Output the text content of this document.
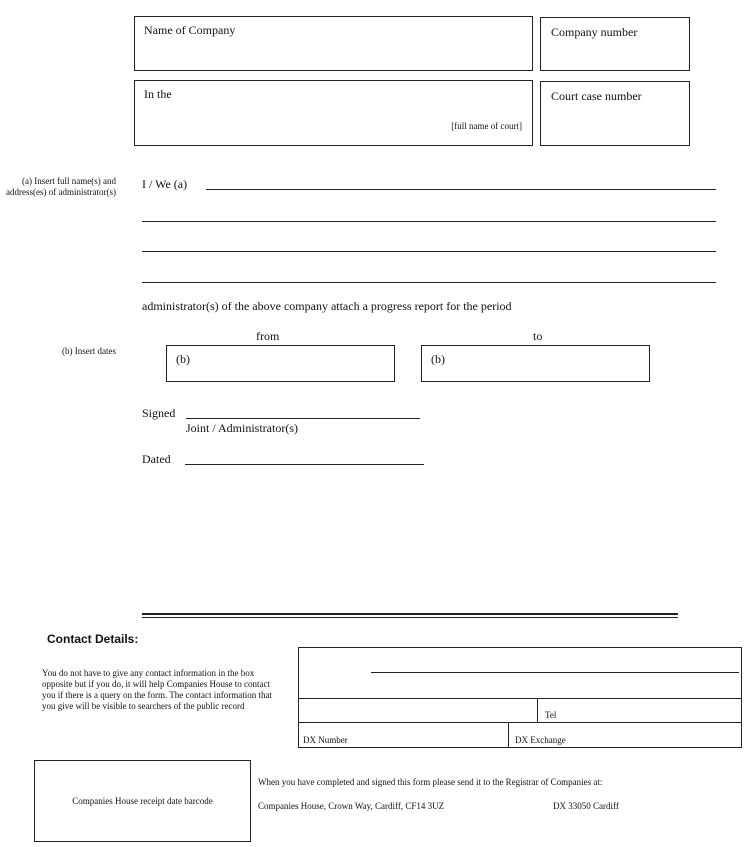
Name of Company	Company number
In the
[full name of court]
Court case number
(a) Insert full name(s) and address(es) of administrator(s)
I / We (a)
administrator(s) of the above company attach a progress report for the period
(b) Insert dates
from	to
(b)	(b)
Signed
Joint / Administrator(s)
Dated
Contact Details:
You do not have to give any contact information in the box opposite but if you do, it will help Companies House to contact you if there is a query on the form. The contact information that you give will be visible to searchers of the public record
Tel
DX Number	DX Exchange
Companies House receipt date barcode
When you have completed and signed this form please send it to the Registrar of Companies at:
Companies House, Crown Way, Cardiff, CF14 3UZ	DX 33050 Cardiff
